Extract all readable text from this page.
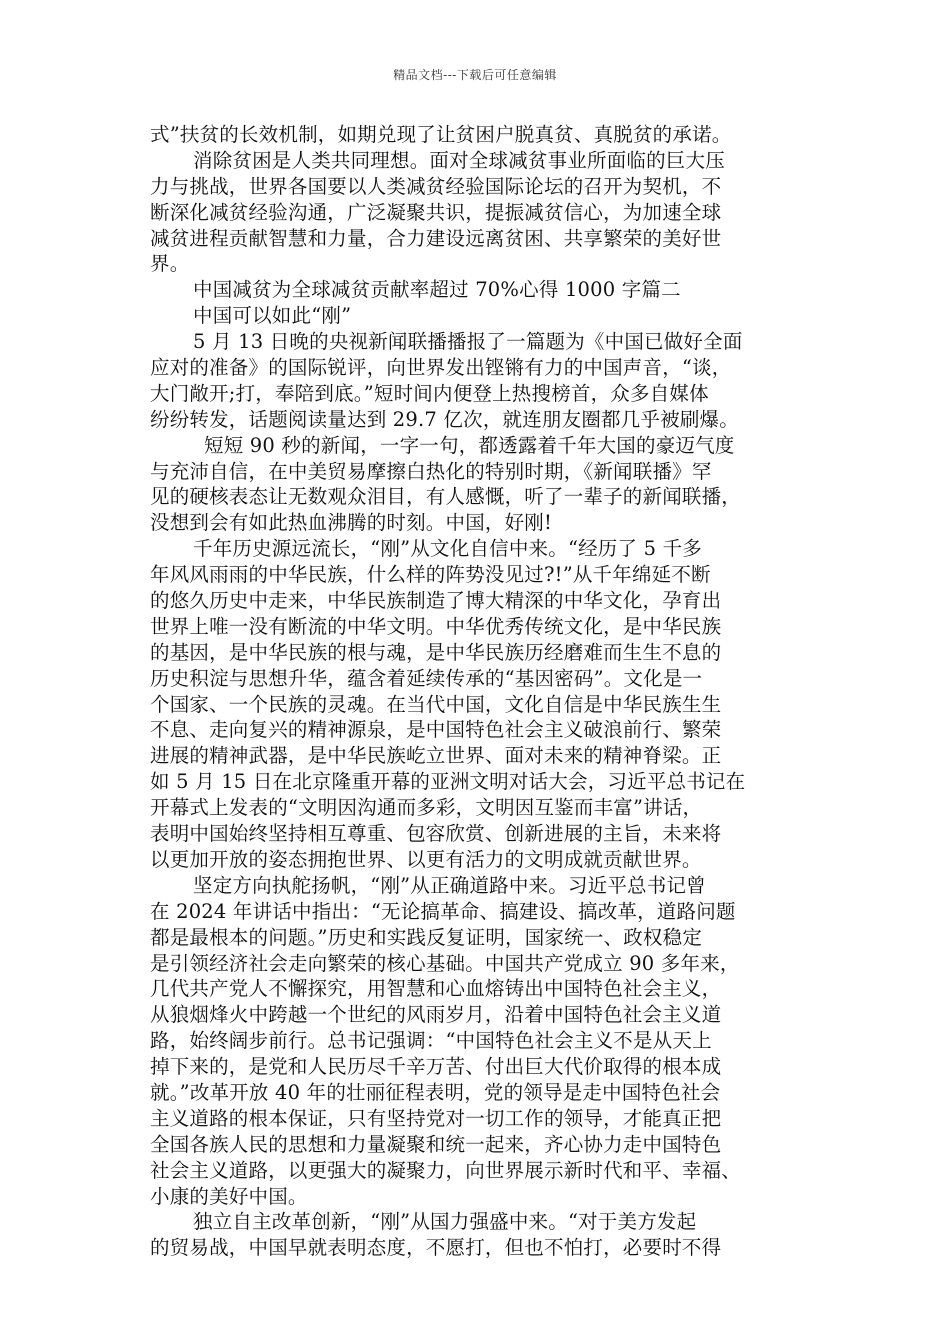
精品文档---下载后可任意编辑
式”扶贫的长效机制，如期兑现了让贫困户脱真贫、真脱贫的承诺。
消除贫困是人类共同理想。面对全球减贫事业所面临的巨大压
力与挑战，世界各国要以人类减贫经验国际论坛的召开为契机，不
断深化减贫经验沟通，广泛凝聚共识，提振减贫信心，为加速全球
减贫进程贡献智慧和力量，合力建设远离贫困、共享繁荣的美好世
界。
中国减贫为全球减贫贡献率超过 70%心得 1000 字篇二
中国可以如此“刚”
5 月 13 日晚的央视新闻联播播报了一篇题为《中国已做好全面
应对的准备》的国际锐评，向世界发出铿锵有力的中国声音，“谈，
大门敞开;打，奉陪到底。”短时间内便登上热搜榜首，众多自媒体
纷纷转发，话题阅读量达到 29.7 亿次，就连朋友圈都几乎被刷爆。
短短 90 秒的新闻，一字一句，都透露着千年大国的豪迈气度
与充沛自信，在中美贸易摩擦白热化的特别时期，《新闻联播》罕
见的硬核表态让无数观众泪目，有人感慨，听了一辈子的新闻联播，
没想到会有如此热血沸腾的时刻。中国，好刚!
千年历史源远流长，“刚”从文化自信中来。“经历了 5 千多
年风风雨雨的中华民族，什么样的阵势没见过?!”从千年绵延不断
的悠久历史中走来，中华民族制造了博大精深的中华文化，孕育出
世界上唯一没有断流的中华文明。中华优秀传统文化，是中华民族
的基因，是中华民族的根与魂，是中华民族历经磨难而生生不息的
历史积淀与思想升华，蕴含着延续传承的“基因密码”。文化是一
个国家、一个民族的灵魂。在当代中国，文化自信是中华民族生生
不息、走向复兴的精神源泉，是中国特色社会主义破浪前行、繁荣
进展的精神武器，是中华民族屹立世界、面对未来的精神脊梁。正
如 5 月 15 日在北京隆重开幕的亚洲文明对话大会，习近平总书记在
开幕式上发表的“文明因沟通而多彩，文明因互鉴而丰富”讲话，
表明中国始终坚持相互尊重、包容欣赏、创新进展的主旨，未来将
以更加开放的姿态拥抱世界、以更有活力的文明成就贡献世界。
坚定方向执舵扬帆，“刚”从正确道路中来。习近平总书记曾
在 2024 年讲话中指出：“无论搞革命、搞建设、搞改革，道路问题
都是最根本的问题。”历史和实践反复证明，国家统一、政权稳定
是引领经济社会走向繁荣的核心基础。中国共产党成立 90 多年来，
几代共产党人不懈探究，用智慧和心血熔铸出中国特色社会主义，
从狼烟烽火中跨越一个世纪的风雨岁月，沿着中国特色社会主义道
路，始终阔步前行。总书记强调：“中国特色社会主义不是从天上
掉下来的，是党和人民历尽千辛万苦、付出巨大代价取得的根本成
就。”改革开放 40 年的壮丽征程表明，党的领导是走中国特色社会
主义道路的根本保证，只有坚持党对一切工作的领导，才能真正把
全国各族人民的思想和力量凝聚和统一起来，齐心协力走中国特色
社会主义道路，以更强大的凝聚力，向世界展示新时代和平、幸福、
小康的美好中国。
独立自主改革创新，“刚”从国力强盛中来。“对于美方发起
的贸易战，中国早就表明态度，不愿打，但也不怕打，必要时不得
